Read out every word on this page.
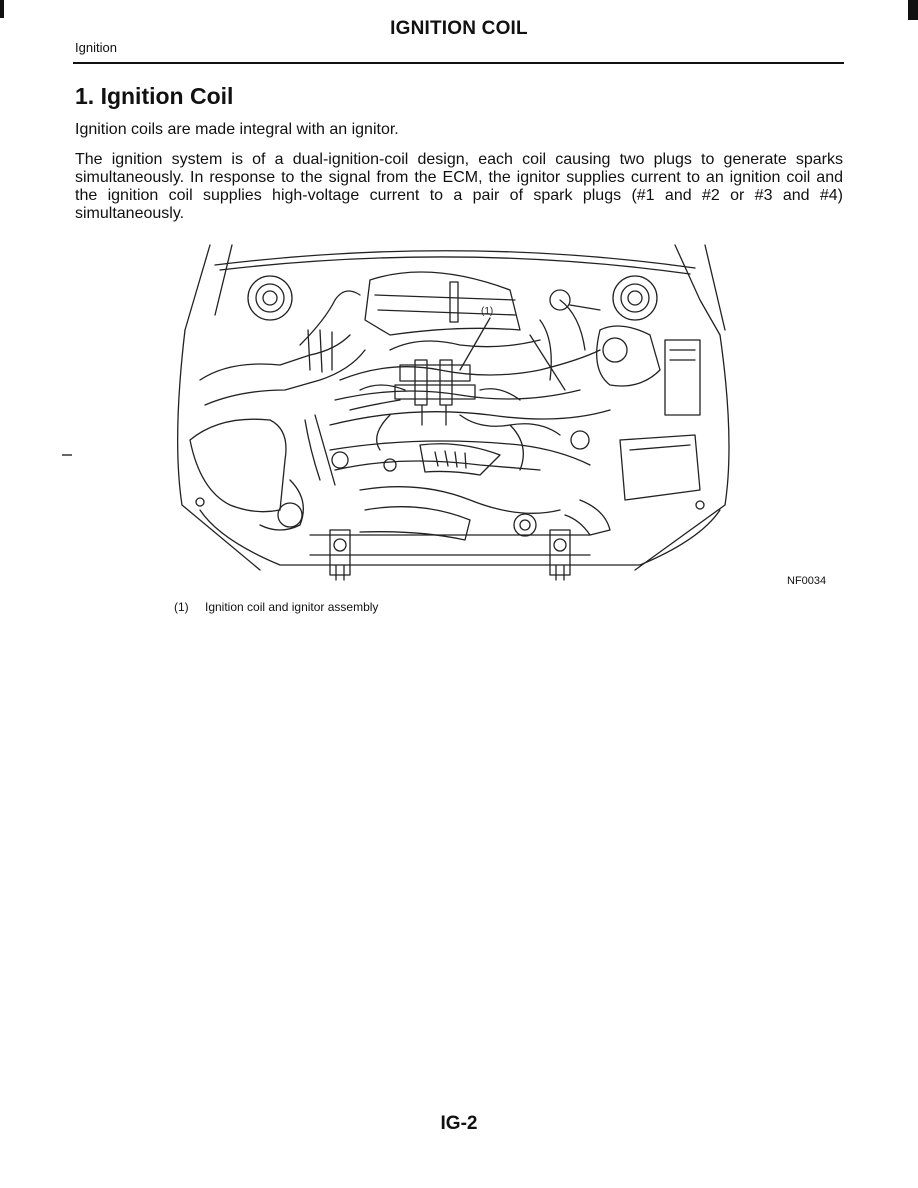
IGNITION COIL
Ignition
1. Ignition Coil

Ignition coils are made integral with an ignitor.

The ignition system is of a dual-ignition-coil design, each coil causing two plugs to generate sparks simultaneously. In response to the signal from the ECM, the ignitor supplies current to an ignition coil and the ignition coil supplies high-voltage current to a pair of spark plugs (#1 and #2 or #3 and #4) simultaneously.

(1)
NF0034
(1) Ignition coil and ignitor assembly
IG-2
